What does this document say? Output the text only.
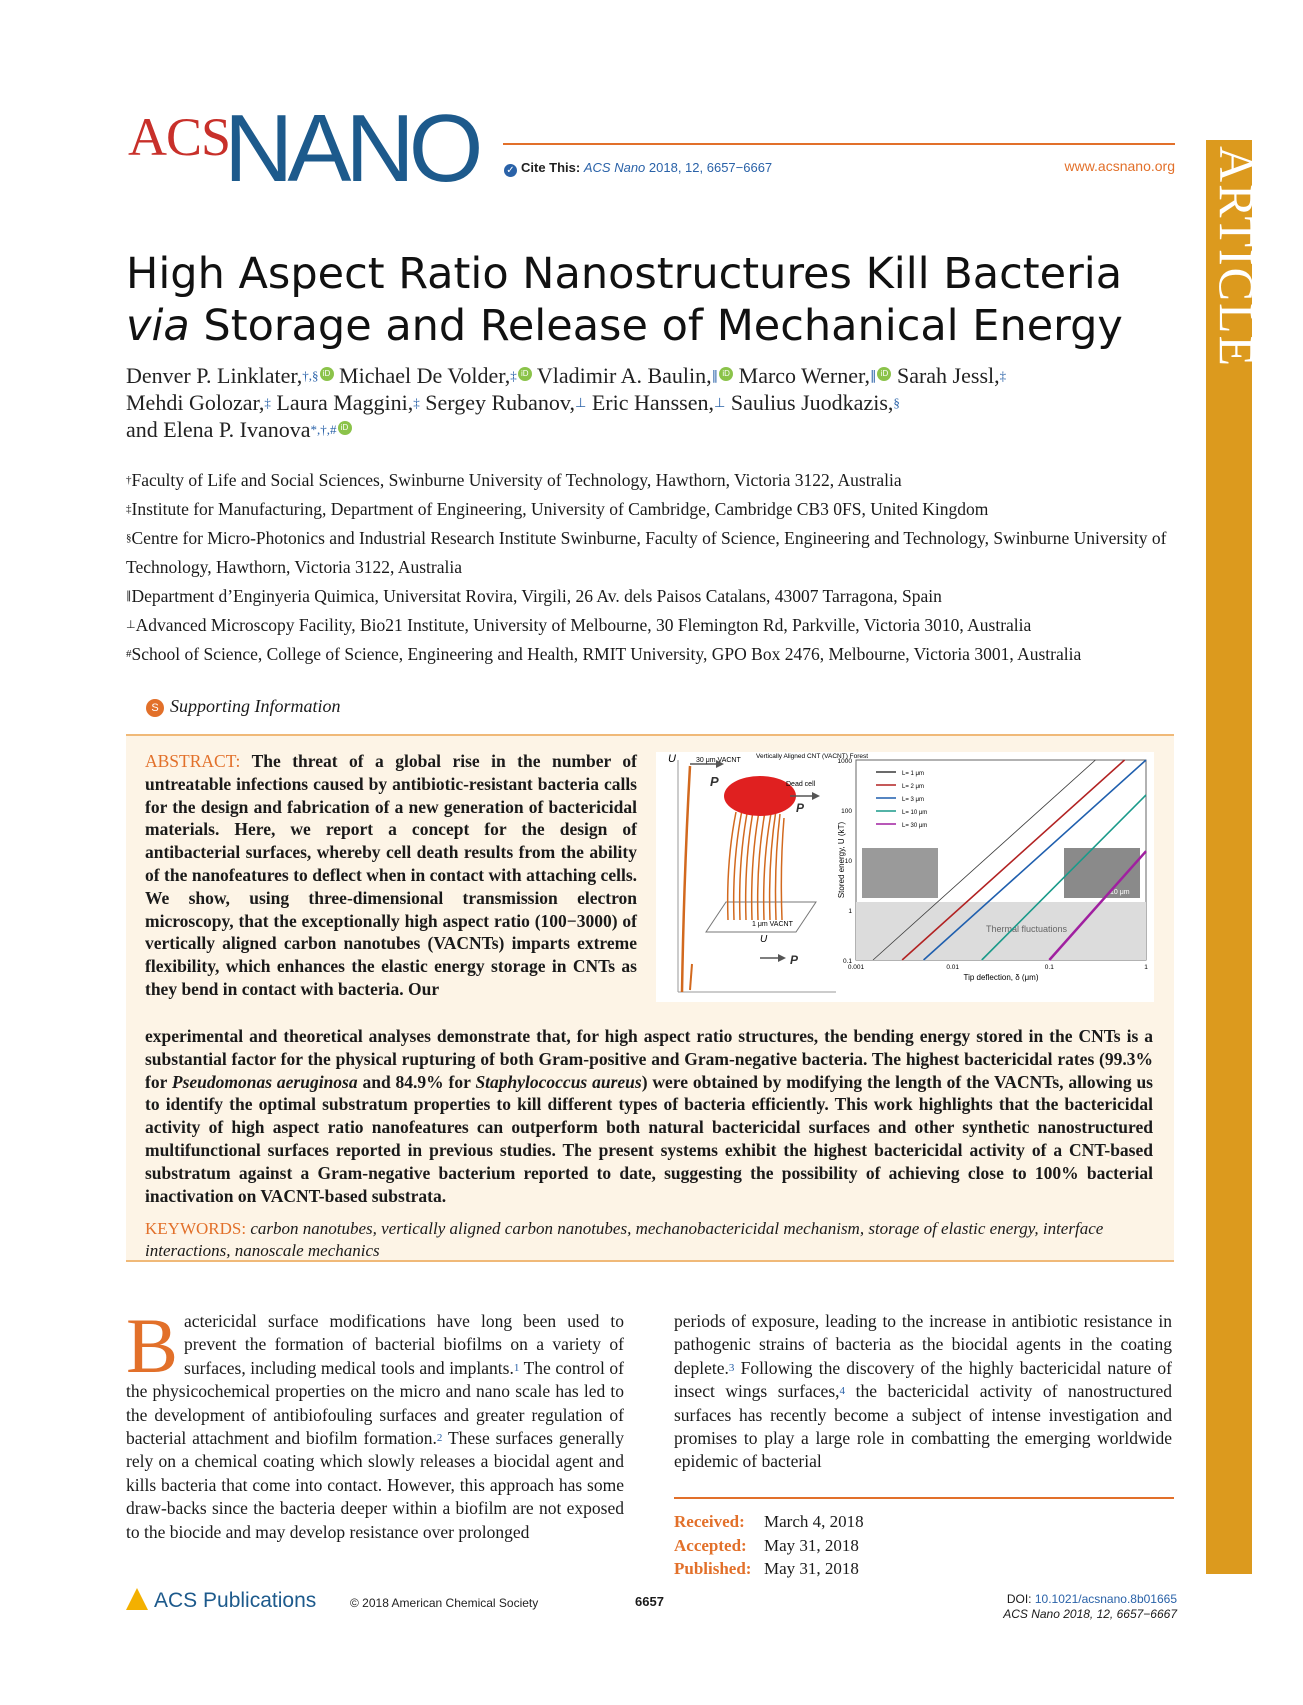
ACS
NANO	✓ Cite This: ACS Nano 2018, 12, 6657−6667	www.acsnano.org ARTICLE
High Aspect Ratio Nanostructures Kill Bacteria
via Storage and Release of Mechanical Energy
Denver P. Linklater,†,§ iD Michael De Volder,‡ iD Vladimir A. Baulin,∥ iD Marco Werner,∥ iD Sarah Jessl,‡
Mehdi Golozar,‡ Laura Maggini,‡ Sergey Rubanov,⊥ Eric Hanssen,⊥ Saulius Juodkazis,§
and Elena P. Ivanova*,†,# iD
†Faculty of Life and Social Sciences, Swinburne University of Technology, Hawthorn, Victoria 3122, Australia
‡Institute for Manufacturing, Department of Engineering, University of Cambridge, Cambridge CB3 0FS, United Kingdom
§Centre for Micro-Photonics and Industrial Research Institute Swinburne, Faculty of Science, Engineering and Technology, Swinburne University of Technology, Hawthorn, Victoria 3122, Australia
∥Department d’Enginyeria Quimica, Universitat Rovira, Virgili, 26 Av. dels Paisos Catalans, 43007 Tarragona, Spain
⊥Advanced Microscopy Facility, Bio21 Institute, University of Melbourne, 30 Flemington Rd, Parkville, Victoria 3010, Australia
#School of Science, College of Science, Engineering and Health, RMIT University, GPO Box 2476, Melbourne, Victoria 3001, Australia
S Supporting Information
ABSTRACT: The threat of a global rise in the number of untreatable infections caused by antibiotic-resistant bacteria calls for the design and fabrication of a new generation of bactericidal materials. Here, we report a concept for the design of antibacterial surfaces, whereby cell death results from the ability of the nanofeatures to deflect when in contact with attaching cells. We show, using three-dimensional transmission electron microscopy, that the exceptionally high aspect ratio (100−3000) of vertically aligned carbon nanotubes (VACNTs) imparts extreme flexibility, which enhances the elastic energy storage in CNTs as they bend in contact with bacteria. Our
experimental and theoretical analyses demonstrate that, for high aspect ratio structures, the bending energy stored in the CNTs is a substantial factor for the physical rupturing of both Gram-positive and Gram-negative bacteria. The highest bactericidal rates (99.3% for Pseudomonas aeruginosa and 84.9% for Staphylococcus aureus) were obtained by modifying the length of the VACNTs, allowing us to identify the optimal substratum properties to kill different types of bacteria efficiently. This work highlights that the bactericidal activity of high aspect ratio nanofeatures can outperform both natural bactericidal surfaces and other synthetic nanostructured multifunctional surfaces reported in previous studies. The present systems exhibit the highest bactericidal activity of a CNT-based substratum against a Gram-negative bacterium reported to date, suggesting the possibility of achieving close to 100% bacterial inactivation on VACNT-based substrata.
KEYWORDS: carbon nanotubes, vertically aligned carbon nanotubes, mechanobactericidal mechanism, storage of elastic energy, interface interactions, nanoscale mechanics
U
P
30 μm VACNT
Vertically Aligned CNT (VACNT) Forest
Dead cell
P
1 μm VACNT
U
P
Thermal fluctuations
10 μm
L= 1 μm
L= 2 μm
L= 3 μm
L= 10 μm
L= 30 μm
1000
100
10
1
0.1
0.001	0.01	0.1	1
Stored energy, U (kT)
Tip deflection, δ (μm)
Bactericidal surface modifications have long been used to prevent the formation of bacterial biofilms on a variety of surfaces, including medical tools and implants.$^1$ The control of the physicochemical properties on the micro and nano scale has led to the development of antibiofouling surfaces and greater regulation of bacterial attachment and biofilm formation.$^2$ These surfaces generally rely on a chemical coating which slowly releases a biocidal agent and kills bacteria that come into contact. However, this approach has some draw-backs since the bacteria deeper within a biofilm are not exposed to the biocide and may develop resistance over prolonged
periods of exposure, leading to the increase in antibiotic resistance in pathogenic strains of bacteria as the biocidal agents in the coating deplete.$^3$ Following the discovery of the highly bactericidal nature of insect wings surfaces,$^4$ the bactericidal activity of nanostructured surfaces has recently become a subject of intense investigation and promises to play a large role in combatting the emerging worldwide epidemic of bacterial
Received: March 4, 2018
Accepted: May 31, 2018
Published: May 31, 2018
ACS Publications	© 2018 American Chemical Society	6657	DOI: 10.1021/acsnano.8b01665
ACS Nano 2018, 12, 6657−6667
